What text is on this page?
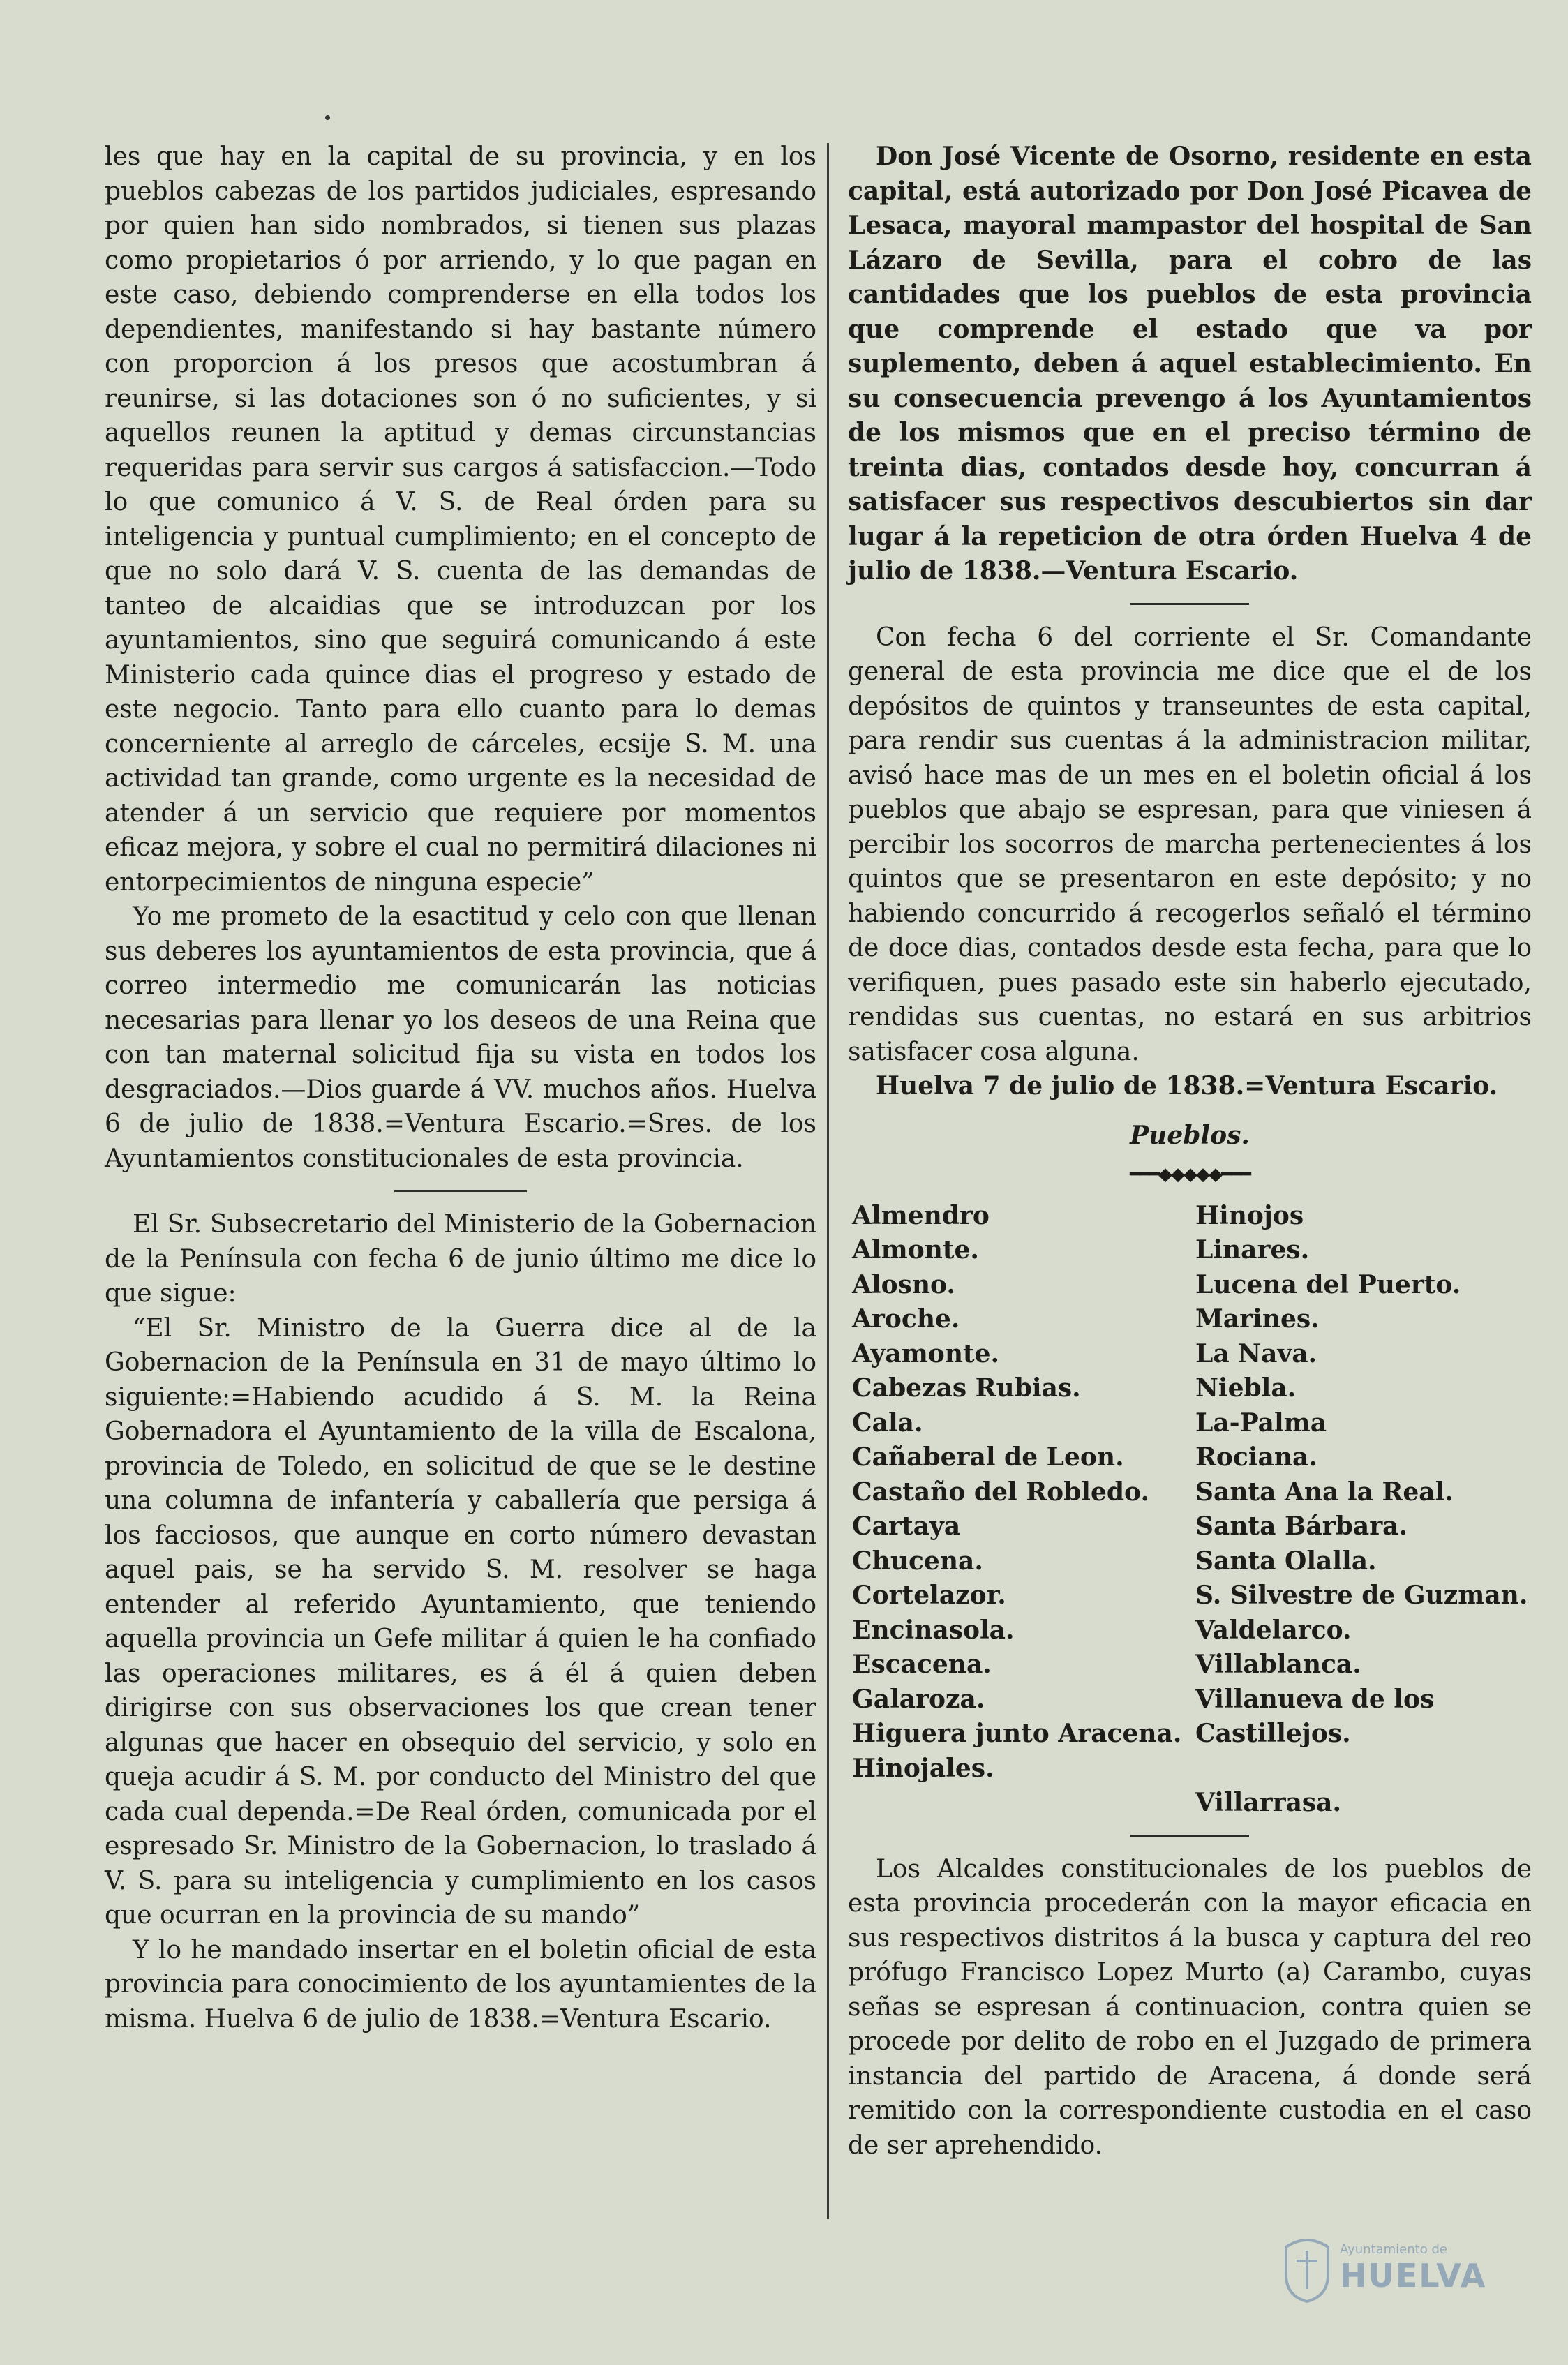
les que hay en la capital de su provincia, y en los pueblos cabezas de los partidos judiciales, espresando por quien han sido nombrados, si tienen sus plazas como propietarios ó por arriendo, y lo que pagan en este caso, debiendo comprenderse en ella todos los dependientes, manifestando si hay bastante número con proporcion á los presos que acostumbran á reunirse, si las dotaciones son ó no suficientes, y si aquellos reunen la aptitud y demas circunstancias requeridas para servir sus cargos á satisfaccion.—Todo lo que comunico á V. S. de Real órden para su inteligencia y puntual cumplimiento; en el concepto de que no solo dará V. S. cuenta de las demandas de tanteo de alcaidias que se introduzcan por los ayuntamientos, sino que seguirá comunicando á este Ministerio cada quince dias el progreso y estado de este negocio. Tanto para ello cuanto para lo demas concerniente al arreglo de cárceles, ecsije S. M. una actividad tan grande, como urgente es la necesidad de atender á un servicio que requiere por momentos eficaz mejora, y sobre el cual no permitirá dilaciones ni entorpecimientos de ninguna especie”

Yo me prometo de la esactitud y celo con que llenan sus deberes los ayuntamientos de esta provincia, que á correo intermedio me comunicarán las noticias necesarias para llenar yo los deseos de una Reina que con tan maternal solicitud fija su vista en todos los desgraciados.—Dios guarde á VV. muchos años. Huelva 6 de julio de 1838.=Ventura Escario.=Sres. de los Ayuntamientos constitucionales de esta provincia.

El Sr. Subsecretario del Ministerio de la Gobernacion de la Península con fecha 6 de junio último me dice lo que sigue:

“El Sr. Ministro de la Guerra dice al de la Gobernacion de la Península en 31 de mayo último lo siguiente:=Habiendo acudido á S. M. la Reina Gobernadora el Ayuntamiento de la villa de Escalona, provincia de Toledo, en solicitud de que se le destine una columna de infantería y caballería que persiga á los facciosos, que aunque en corto número devastan aquel pais, se ha servido S. M. resolver se haga entender al referido Ayuntamiento, que teniendo aquella provincia un Gefe militar á quien le ha confiado las operaciones militares, es á él á quien deben dirigirse con sus observaciones los que crean tener algunas que hacer en obsequio del servicio, y solo en queja acudir á S. M. por conducto del Ministro del que cada cual dependa.=De Real órden, comunicada por el espresado Sr. Ministro de la Gobernacion, lo traslado á V. S. para su inteligencia y cumplimiento en los casos que ocurran en la provincia de su mando”

Y lo he mandado insertar en el boletin oficial de esta provincia para conocimiento de los ayuntamientes de la misma. Huelva 6 de julio de 1838.=Ventura Escario.

Don José Vicente de Osorno, residente en esta capital, está autorizado por Don José Picavea de Lesaca, mayoral mampastor del hospital de San Lázaro de Sevilla, para el cobro de las cantidades que los pueblos de esta provincia que comprende el estado que va por suplemento, deben á aquel establecimiento. En su consecuencia prevengo á los Ayuntamientos de los mismos que en el preciso término de treinta dias, contados desde hoy, concurran á satisfacer sus respectivos descubiertos sin dar lugar á la repeticion de otra órden Huelva 4 de julio de 1838.—Ventura Escario.

Con fecha 6 del corriente el Sr. Comandante general de esta provincia me dice que el de los depósitos de quintos y transeuntes de esta capital, para rendir sus cuentas á la administracion militar, avisó hace mas de un mes en el boletin oficial á los pueblos que abajo se espresan, para que viniesen á percibir los socorros de marcha pertenecientes á los quintos que se presentaron en este depósito; y no habiendo concurrido á recogerlos señaló el término de doce dias, contados desde esta fecha, para que lo verifiquen, pues pasado este sin haberlo ejecutado, rendidas sus cuentas, no estará en sus arbitrios satisfacer cosa alguna.

Huelva 7 de julio de 1838.=Ventura Escario.

Pueblos.
━━━◆◆◆◆◆━━━
Almendro
Almonte.
Alosno.
Aroche.
Ayamonte.
Cabezas Rubias.
Cala.
Cañaberal de Leon.
Castaño del Robledo.
Cartaya
Chucena.
Cortelazor.
Encinasola.
Escacena.
Galaroza.
Higuera junto Aracena.
Hinojales.
Hinojos
Linares.
Lucena del Puerto.
Marines.
La Nava.
Niebla.
La-Palma
Rociana.
Santa Ana la Real.
Santa Bárbara.
Santa Olalla.
S. Silvestre de Guzman.
Valdelarco.
Villablanca.
Villanueva de los Castillejos.

Villarrasa.

Los Alcaldes constitucionales de los pueblos de esta provincia procederán con la mayor eficacia en sus respectivos distritos á la busca y captura del reo prófugo Francisco Lopez Murto (a) Carambo, cuyas señas se espresan á continuacion, contra quien se procede por delito de robo en el Juzgado de primera instancia del partido de Aracena, á donde será remitido con la correspondiente custodia en el caso de ser aprehendido.

Ayuntamiento de
HUELVA
